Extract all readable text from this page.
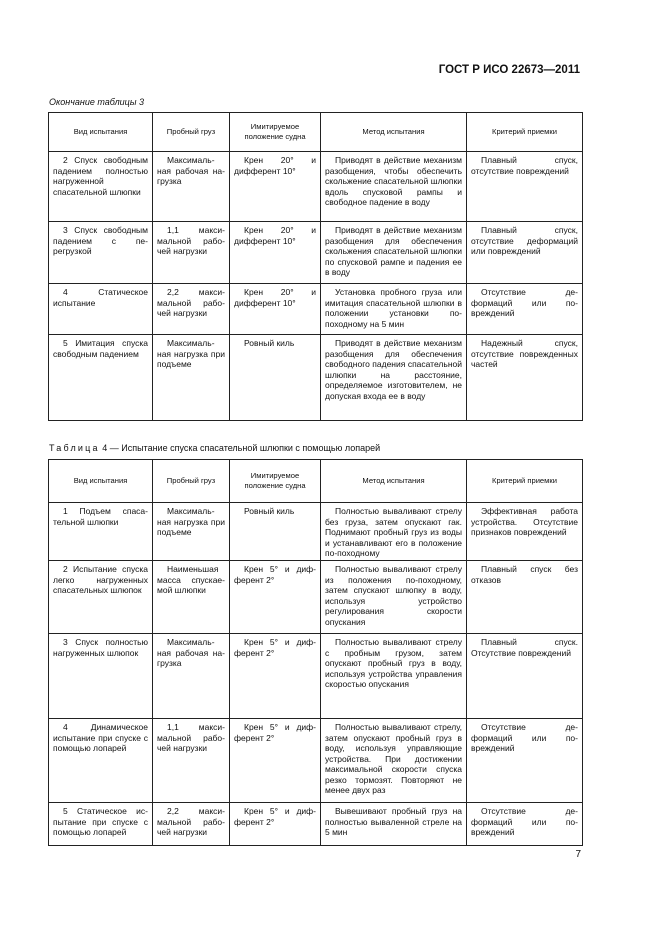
ГОСТ Р ИСО 22673—2011
Окончание таблицы 3
Вид испытания	Пробный груз	Имитируемое положение судна	Метод испытания	Критерий приемки
2 Спуск свободным падением полностью нагруженной спасательной шлюпки	Максимальная рабочая нагрузка	Крен 20° и дифферент 10°	Приводят в действие механизм разобщения, чтобы обеспечить скольжение спасательной шлюпки вдоль спусковой рампы и свободное падение в воду	Плавный спуск, отсутствие повреждений
3 Спуск свободным падением с перегрузкой	1,1 максимальной рабочей нагрузки	Крен 20° и дифферент 10°	Приводят в действие механизм разобщения для обеспечения скольжения спасательной шлюпки по спусковой рампе и падения ее в воду	Плавный спуск, отсутствие деформаций или повреждений
4 Статическое испытание	2,2 максимальной рабочей нагрузки	Крен 20° и дифферент 10°	Установка пробного груза или имитация спасательной шлюпки в положении установки по-походному на 5 мин	Отсутствие деформаций или повреждений
5 Имитация спуска свободным падением	Максимальная нагрузка при подъеме	Ровный киль	Приводят в действие механизм разобщения для обеспечения свободного падения спасательной шлюпки на расстояние, определяемое изготовителем, не допуская входа ее в воду	Надежный спуск, отсутствие поврежденных частей
Таблица 4 — Испытание спуска спасательной шлюпки с помощью лопарей
Вид испытания	Пробный груз	Имитируемое положение судна	Метод испытания	Критерий приемки
1 Подъем спасательной шлюпки	Максимальная нагрузка при подъеме	Ровный киль	Полностью вываливают стрелу без груза, затем опускают гак. Поднимают пробный груз из воды и устанавливают его в положение по-походному	Эффективная работа устройства. Отсутствие признаков повреждений
2 Испытание спуска легко нагруженных спасательных шлюпок	Наименьшая масса спускаемой шлюпки	Крен 5° и дифферент 2°	Полностью вываливают стрелу из положения по-походному, затем спускают шлюпку в воду, используя устройство регулирования скорости опускания	Плавный спуск без отказов
3 Спуск полностью нагруженных шлюпок	Максимальная рабочая нагрузка	Крен 5° и дифферент 2°	Полностью вываливают стрелу с пробным грузом, затем опускают пробный груз в воду, используя устройства управления скоростью опускания	Плавный спуск. Отсутствие повреждений
4 Динамическое испытание при спуске с помощью лопарей	1,1 максимальной рабочей нагрузки	Крен 5° и дифферент 2°	Полностью вываливают стрелу, затем опускают пробный груз в воду, используя управляющие устройства. При достижении максимальной скорости спуска резко тормозят. Повторяют не менее двух раз	Отсутствие деформаций или повреждений
5 Статическое испытание при спуске с помощью лопарей	2,2 максимальной рабочей нагрузки	Крен 5° и дифферент 2°	Вывешивают пробный груз на полностью вываленной стреле на 5 мин	Отсутствие деформаций или повреждений
7
